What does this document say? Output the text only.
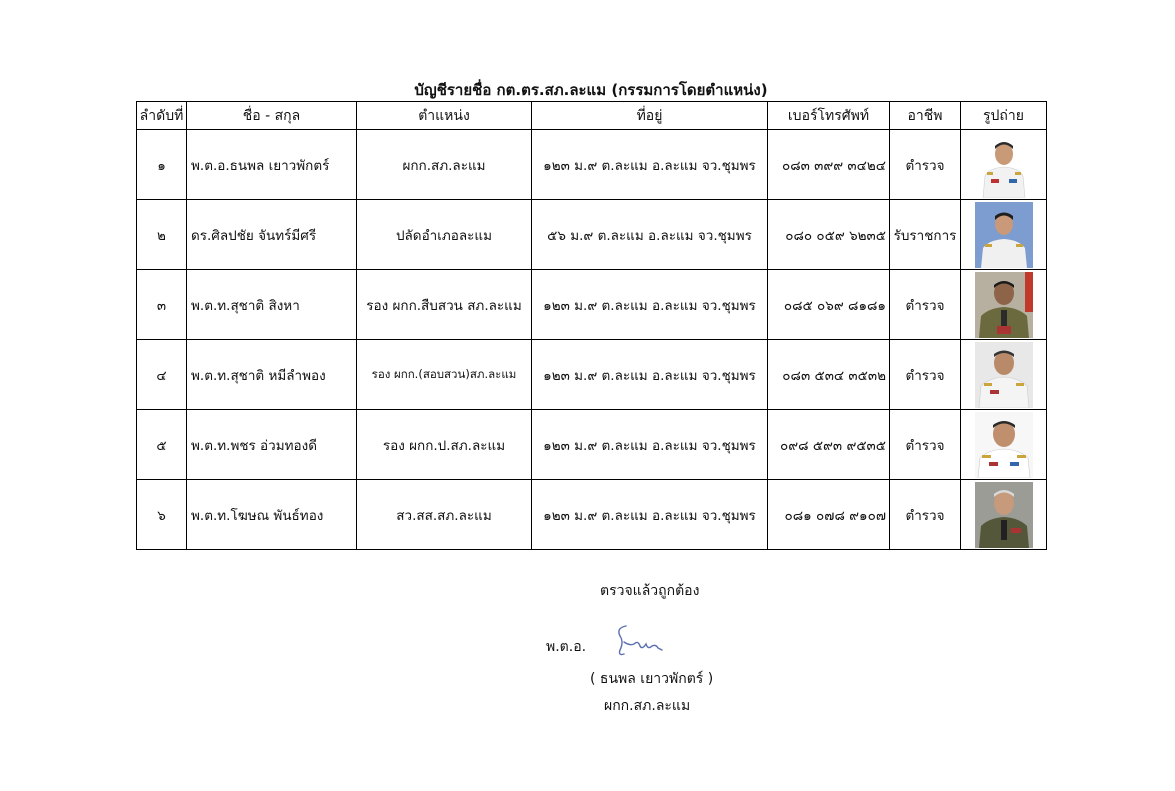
บัญชีรายชื่อ กต.ตร.สภ.ละแม (กรรมการโดยตำแหน่ง)
ลำดับที่	ชื่อ - สกุล	ตำแหน่ง	ที่อยู่	เบอร์โทรศัพท์	อาชีพ	รูปถ่าย
๑	พ.ต.อ.ธนพล เยาวพักตร์	ผกก.สภ.ละแม	๑๒๓ ม.๙ ต.ละแม อ.ละแม จว.ชุมพร	๐๘๓ ๓๙๙ ๓๔๒๔	ตำรวจ	

๒	ดร.ศิลปชัย จันทร์มีศรี	ปลัดอำเภอละแม	๕๖ ม.๙ ต.ละแม อ.ละแม จว.ชุมพร	๐๘๐ ๐๕๙ ๖๒๓๕	รับราชการ	

๓	พ.ต.ท.สุชาติ สิงหา	รอง ผกก.สืบสวน สภ.ละแม	๑๒๓ ม.๙ ต.ละแม อ.ละแม จว.ชุมพร	๐๘๕ ๐๖๙ ๘๑๘๑	ตำรวจ	

๔	พ.ต.ท.สุชาติ หมีลำพอง	รอง ผกก.(สอบสวน)สภ.ละแม	๑๒๓ ม.๙ ต.ละแม อ.ละแม จว.ชุมพร	๐๘๓ ๕๓๔ ๓๕๓๒	ตำรวจ	

๕	พ.ต.ท.พชร อ่วมทองดี	รอง ผกก.ป.สภ.ละแม	๑๒๓ ม.๙ ต.ละแม อ.ละแม จว.ชุมพร	๐๙๘ ๕๙๓ ๙๕๓๕	ตำรวจ	

๖	พ.ต.ท.โฆษณ พันธ์ทอง	สว.สส.สภ.ละแม	๑๒๓ ม.๙ ต.ละแม อ.ละแม จว.ชุมพร	๐๘๑ ๐๗๘ ๙๑๐๗	ตำรวจ	
ตรวจแล้วถูกต้อง
พ.ต.อ.
( ธนพล เยาวพักตร์ )
ผกก.สภ.ละแม
